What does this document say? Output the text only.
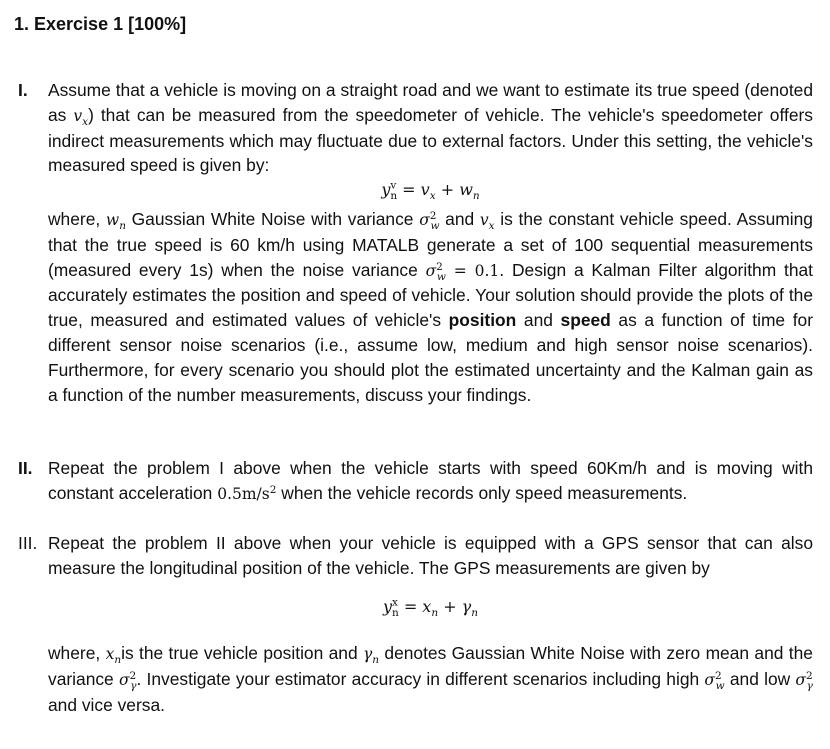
1. Exercise 1 [100%]
I.	Assume that a vehicle is moving on a straight road and we want to estimate its true speed (denoted as $v_x$) that can be measured from the speedometer of vehicle. The vehicle's speedometer offers indirect measurements which may fluctuate due to external factors. Under this setting, the vehicle's measured speed is given by:

$y^v_n = v_x + w_n$

where, $w_n$ Gaussian White Noise with variance $\sigma^2_w$ and $v_x$ is the constant vehicle speed. Assuming that the true speed is 60 km/h using MATALB generate a set of 100 sequential measurements (measured every 1s) when the noise variance $\sigma^2_w = 0.1$. Design a Kalman Filter algorithm that accurately estimates the position and speed of vehicle. Your solution should provide the plots of the true, measured and estimated values of vehicle's position and speed as a function of time for different sensor noise scenarios (i.e., assume low, medium and high sensor noise scenarios). Furthermore, for every scenario you should plot the estimated uncertainty and the Kalman gain as a function of the number measurements, discuss your findings.

II. Repeat the problem I above when the vehicle starts with speed 60Km/h and is moving with constant acceleration $0.5m/s^2$ when the vehicle records only speed measurements.

III. Repeat the problem II above when your vehicle is equipped with a GPS sensor that can also measure the longitudinal position of the vehicle. The GPS measurements are given by

$y^x_n = x_n + \gamma_n$

where, $x_nis$ the true vehicle position and $\gamma_n$ denotes Gaussian White Noise with zero mean and the variance $\sigma^2_\gamma$. Investigate your estimator accuracy in different scenarios including high $\sigma^2_w$ and low $\sigma^2_\gamma$ and vice versa.
